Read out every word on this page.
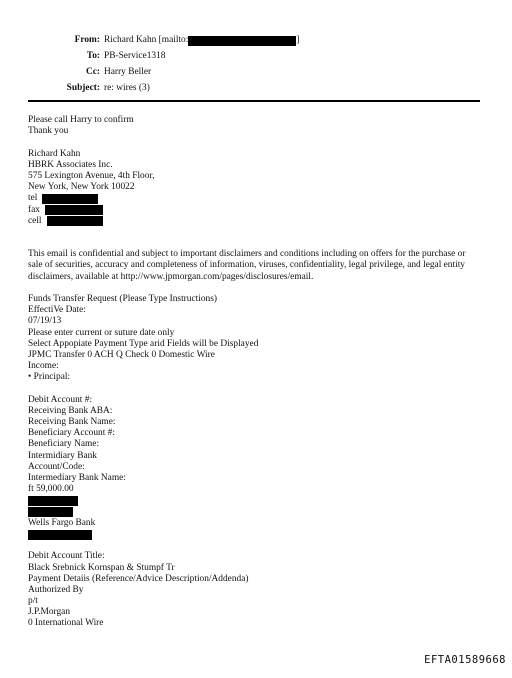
From: Richard Kahn [mailto:	]
To: PB-Service1318
Cc: Harry Beller
Subject: re: wires (3)
Please call Harry to confirm
Thank you
Richard Kahn
HBRK Associates Inc.
575 Lexington Avenue, 4th Floor,
New York, New York 10022
tel
fax
cell
This email is confidential and subject to important disclaimers and conditions including on offers for the purchase or sale of securities, accuracy and completeness of information, viruses, confidentiality, legal privilege, and legal entity disclaimers, available at http://www.jpmorgan.com/pages/disclosures/email.
Funds Transfer Request (Please Type Instructions)
EffectiVe Date:
07/19/13
Please enter current or suture date only
Select Appopiate Payment Type arid Fields will be Displayed
JPMC Transfer 0 ACH Q Check 0 Domestic Wire
Income:
• Principal:
Debit Account #:
Receiving Bank ABA:
Receiving Bank Name:
Beneficiary Account #:
Beneficiary Name:
Intermidiary Bank
Account/Code:
Intermediary Bank Name:
ft 59,000.00
Wells Fargo Bank
Debit Account Title:
Black Srebnick Kornspan & Stumpf Tr
Payment Detaiis (Reference/Advice Description/Addenda)
Authorized By
p/t
J.P.Morgan
0 International Wire
EFTA01589668
